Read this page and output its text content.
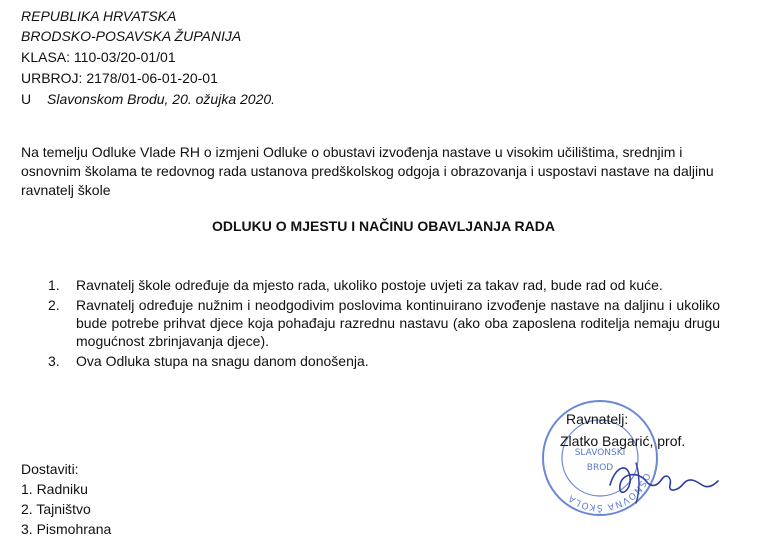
REPUBLIKA HRVATSKA
BRODSKO-POSAVSKA ŽUPANIJA
KLASA: 110-03/20-01/01
URBROJ: 2178/01-06-01-20-01
U Slavonskom Brodu, 20. ožujka 2020.
Na temelju Odluke Vlade RH o izmjeni Odluke o obustavi izvođenja nastave u visokim učilištima, srednjim i osnovnim školama te redovnog rada ustanova predškolskog odgoja i obrazovanja i uspostavi nastave na daljinu ravnatelj škole
ODLUKU O MJESTU I NAČINU OBAVLJANJA RADA
1. Ravnatelj škole određuje da mjesto rada, ukoliko postoje uvjeti za takav rad, bude rad od kuće.
2. Ravnatelj određuje nužnim i neodgodivim poslovima kontinuirano izvođenje nastave na daljinu i ukoliko bude potrebe prihvat djece koja pohađaju razrednu nastavu (ako oba zaposlena roditelja nemaju drugu mogućnost zbrinjavanja djece).
3. Ova Odluka stupa na snagu danom donošenja.
OSNOVNA ŠKOLA
SLAVONSKI
BROD
Ravnatelj:
Zlatko Bagarić, prof.
Dostaviti:
1. Radniku
2. Tajništvo
3. Pismohrana
